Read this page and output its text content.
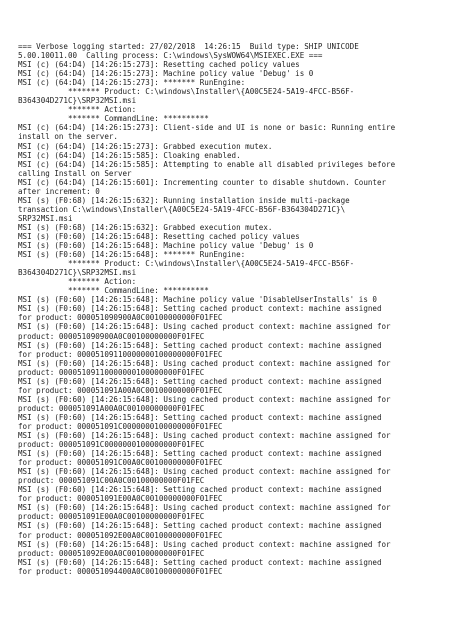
=== Verbose logging started: 27/02/2018  14:26:15  Build type: SHIP UNICODE
5.00.10011.00  Calling process: C:\windows\SysWOW64\MSIEXEC.EXE ===
MSI (c) (64:D4) [14:26:15:273]: Resetting cached policy values
MSI (c) (64:D4) [14:26:15:273]: Machine policy value 'Debug' is 0
MSI (c) (64:D4) [14:26:15:273]: ******* RunEngine:
******* Product: C:\windows\Installer\{A00C5E24-5A19-4FCC-B56F-
B364304D271C}\SRP32MSI.msi
******* Action:
******* CommandLine: **********
MSI (c) (64:D4) [14:26:15:273]: Client-side and UI is none or basic: Running entire
install on the server.
MSI (c) (64:D4) [14:26:15:273]: Grabbed execution mutex.
MSI (c) (64:D4) [14:26:15:585]: Cloaking enabled.
MSI (c) (64:D4) [14:26:15:585]: Attempting to enable all disabled privileges before
calling Install on Server
MSI (c) (64:D4) [14:26:15:601]: Incrementing counter to disable shutdown. Counter
after increment: 0
MSI (s) (F0:68) [14:26:15:632]: Running installation inside multi-package
transaction C:\windows\Installer\{A00C5E24-5A19-4FCC-B56F-B364304D271C}\
SRP32MSI.msi
MSI (s) (F0:68) [14:26:15:632]: Grabbed execution mutex.
MSI (s) (F0:60) [14:26:15:648]: Resetting cached policy values
MSI (s) (F0:60) [14:26:15:648]: Machine policy value 'Debug' is 0
MSI (s) (F0:60) [14:26:15:648]: ******* RunEngine:
******* Product: C:\windows\Installer\{A00C5E24-5A19-4FCC-B56F-
B364304D271C}\SRP32MSI.msi
******* Action:
******* CommandLine: **********
MSI (s) (F0:60) [14:26:15:648]: Machine policy value 'DisableUserInstalls' is 0
MSI (s) (F0:60) [14:26:15:648]: Setting cached product context: machine assigned
for product: 000051090900A0C00100000000F01FEC
MSI (s) (F0:60) [14:26:15:648]: Using cached product context: machine assigned for
product: 000051090900A0C00100000000F01FEC
MSI (s) (F0:60) [14:26:15:648]: Setting cached product context: machine assigned
for product: 00005109110000000100000000F01FEC
MSI (s) (F0:60) [14:26:15:648]: Using cached product context: machine assigned for
product: 00005109110000000100000000F01FEC
MSI (s) (F0:60) [14:26:15:648]: Setting cached product context: machine assigned
for product: 000051091A00A0C00100000000F01FEC
MSI (s) (F0:60) [14:26:15:648]: Using cached product context: machine assigned for
product: 000051091A00A0C00100000000F01FEC
MSI (s) (F0:60) [14:26:15:648]: Setting cached product context: machine assigned
for product: 000051091C0000000100000000F01FEC
MSI (s) (F0:60) [14:26:15:648]: Using cached product context: machine assigned for
product: 000051091C0000000100000000F01FEC
MSI (s) (F0:60) [14:26:15:648]: Setting cached product context: machine assigned
for product: 000051091C00A0C00100000000F01FEC
MSI (s) (F0:60) [14:26:15:648]: Using cached product context: machine assigned for
product: 000051091C00A0C00100000000F01FEC
MSI (s) (F0:60) [14:26:15:648]: Setting cached product context: machine assigned
for product: 000051091E00A0C00100000000F01FEC
MSI (s) (F0:60) [14:26:15:648]: Using cached product context: machine assigned for
product: 000051091E00A0C00100000000F01FEC
MSI (s) (F0:60) [14:26:15:648]: Setting cached product context: machine assigned
for product: 000051092E00A0C00100000000F01FEC
MSI (s) (F0:60) [14:26:15:648]: Using cached product context: machine assigned for
product: 000051092E00A0C00100000000F01FEC
MSI (s) (F0:60) [14:26:15:648]: Setting cached product context: machine assigned
for product: 000051094400A0C00100000000F01FEC
